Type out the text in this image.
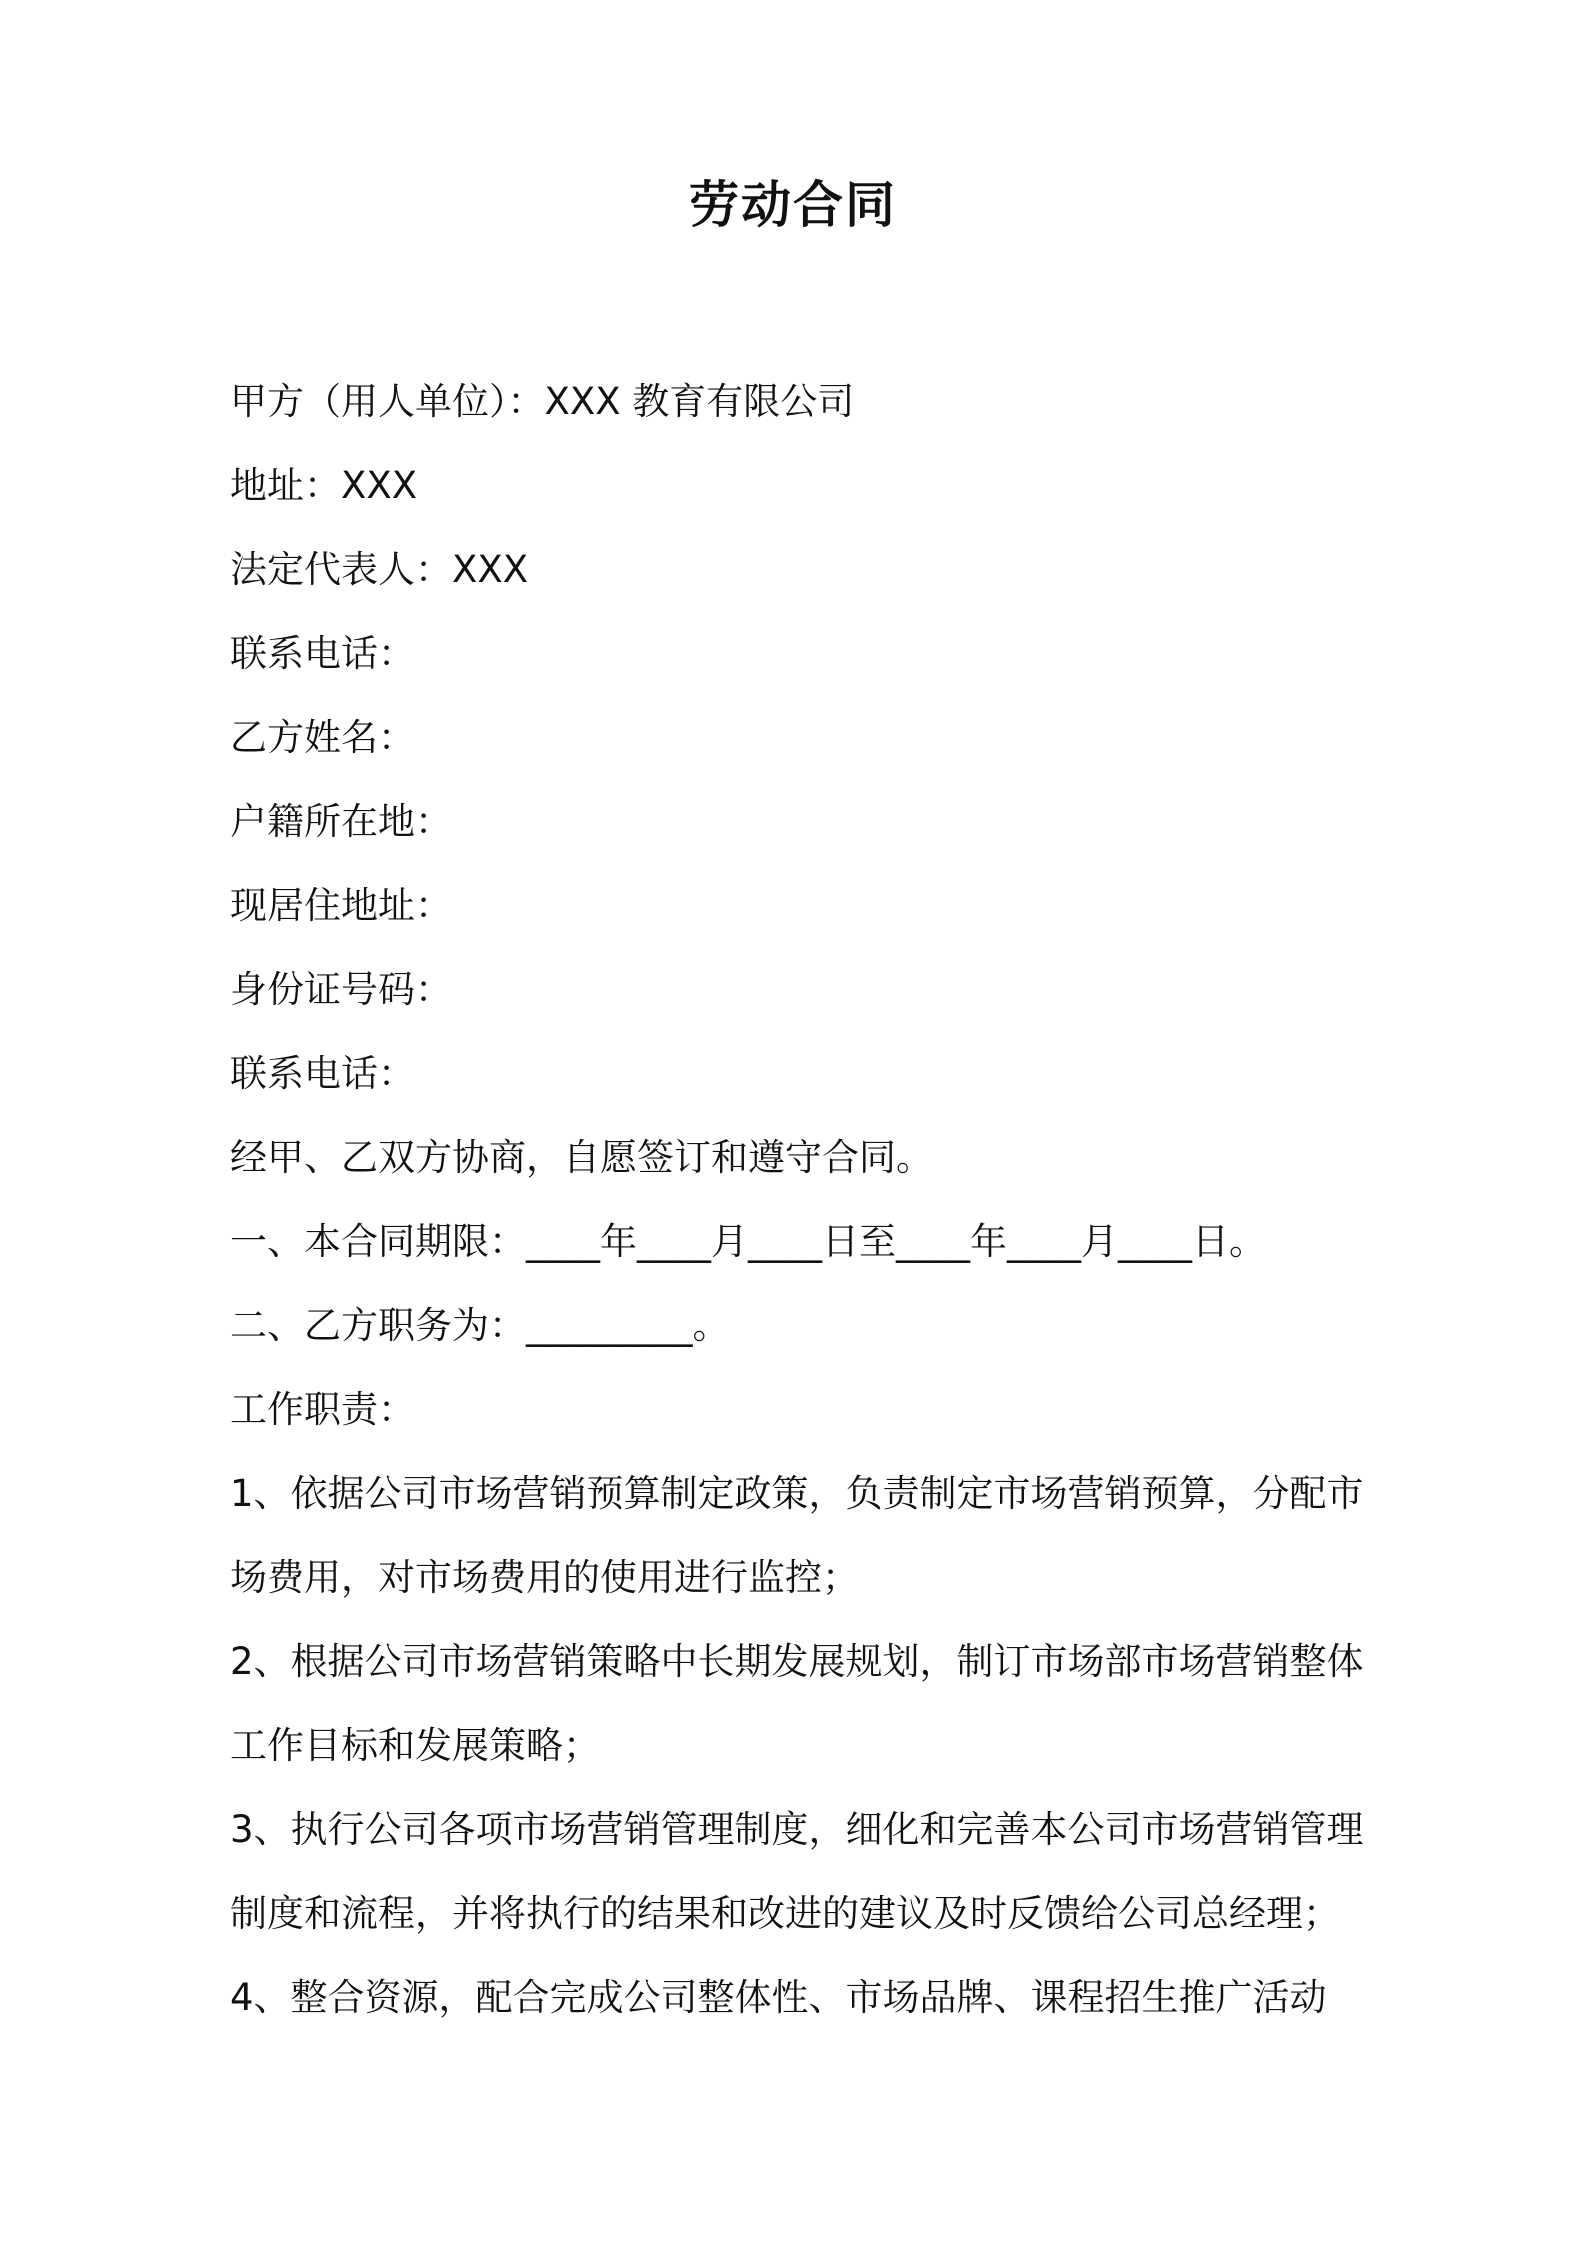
劳动合同
甲方（用人单位）：XXX 教育有限公司
地址：XXX
法定代表人：XXX
联系电话：
乙方姓名：
户籍所在地：
现居住地址：
身份证号码：
联系电话：
经甲、乙双方协商，自愿签订和遵守合同。
一、本合同期限：____年____月____日至____年____月____日。
二、乙方职务为：_________。
工作职责：
1、依据公司市场营销预算制定政策，负责制定市场营销预算，分配市
场费用，对市场费用的使用进行监控；
2、根据公司市场营销策略中长期发展规划，制订市场部市场营销整体
工作目标和发展策略；
3、执行公司各项市场营销管理制度，细化和完善本公司市场营销管理
制度和流程，并将执行的结果和改进的建议及时反馈给公司总经理；
4、整合资源，配合完成公司整体性、市场品牌、课程招生推广活动
